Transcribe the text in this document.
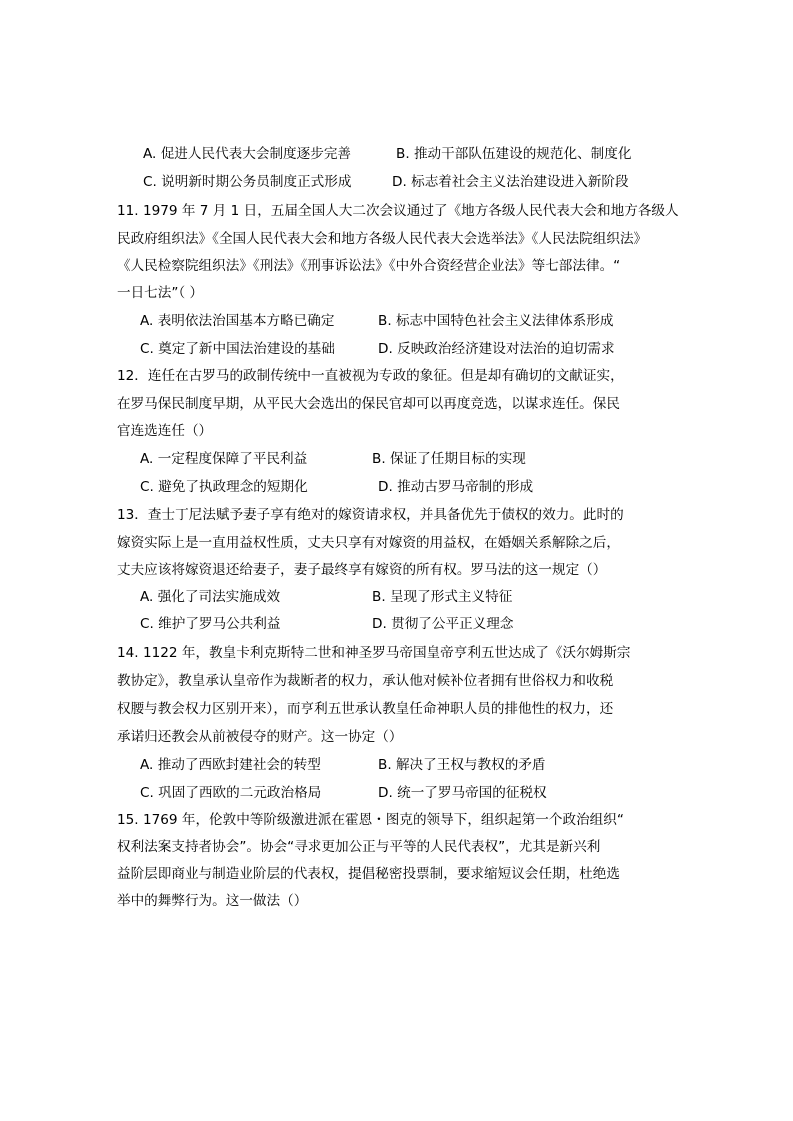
A. 促进人民代表大会制度逐步完善	B. 推动干部队伍建设的规范化、制度化
C. 说明新时期公务员制度正式形成	D. 标志着社会主义法治建设进入新阶段
11. 1979 年 7 月 1 日，五届全国人大二次会议通过了《地方各级人民代表大会和地方各级人
民政府组织法》《全国人民代表大会和地方各级人民代表大会选举法》《人民法院组织法》
《人民检察院组织法》《刑法》《刑事诉讼法》《中外合资经营企业法》等七部法律。“
一日七法”（ ）
A. 表明依法治国基本方略已确定	B. 标志中国特色社会主义法律体系形成
C. 奠定了新中国法治建设的基础	D. 反映政治经济建设对法治的迫切需求
12．连任在古罗马的政制传统中一直被视为专政的象征。但是却有确切的文献证实，
在罗马保民制度早期，从平民大会选出的保民官却可以再度竞选，以谋求连任。保民
官连选连任（）
A. 一定程度保障了平民利益	B. 保证了任期目标的实现
C. 避免了执政理念的短期化	D. 推动古罗马帝制的形成
13．查士丁尼法赋予妻子享有绝对的嫁资请求权，并具备优先于债权的效力。此时的
嫁资实际上是一直用益权性质，丈夫只享有对嫁资的用益权，在婚姻关系解除之后，
丈夫应该将嫁资退还给妻子，妻子最终享有嫁资的所有权。罗马法的这一规定（）
A. 强化了司法实施成效	B. 呈现了形式主义特征
C. 维护了罗马公共利益	D. 贯彻了公平正义理念
14. 1122 年，教皇卡利克斯特二世和神圣罗马帝国皇帝亨利五世达成了《沃尔姆斯宗
教协定》，教皇承认皇帝作为裁断者的权力，承认他对候补位者拥有世俗权力和收税
权腰与教会权力区别开来），而亨利五世承认教皇任命神职人员的排他性的权力，还
承诺归还教会从前被侵夺的财产。这一协定（）
A. 推动了西欧封建社会的转型	B. 解决了王权与教权的矛盾
C. 巩固了西欧的二元政治格局	D. 统一了罗马帝国的征税权
15. 1769 年，伦敦中等阶级激进派在霍恩・图克的领导下，组织起第一个政治组织“
权利法案支持者协会”。协会“寻求更加公正与平等的人民代表权”，尤其是新兴利
益阶层即商业与制造业阶层的代表权，提倡秘密投票制，要求缩短议会任期，杜绝选
举中的舞弊行为。这一做法（）
